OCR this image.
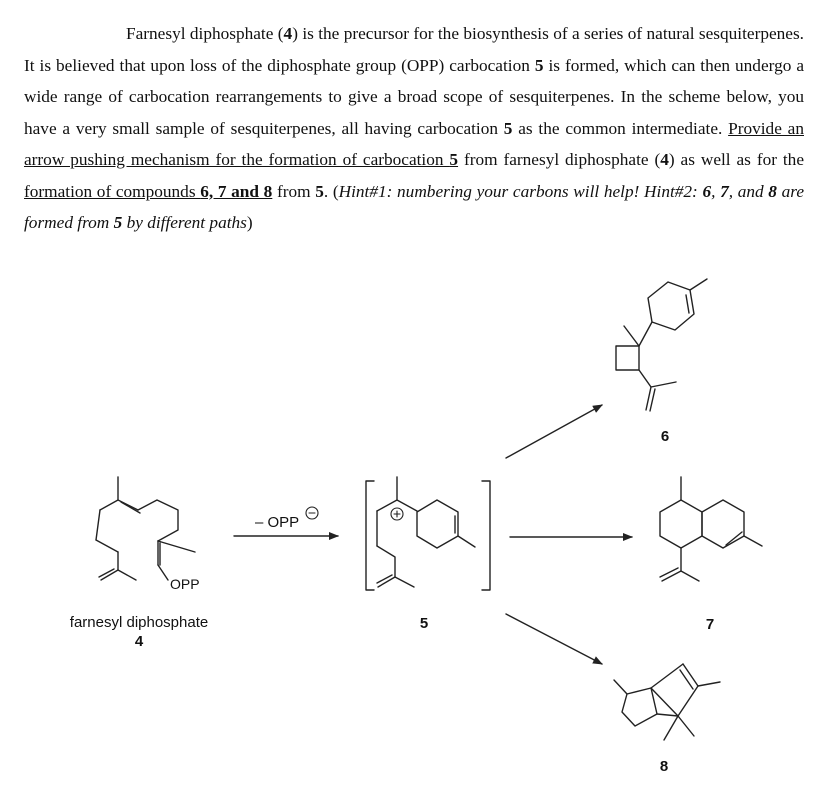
Farnesyl diphosphate (4) is the precursor for the biosynthesis of a series of natural sesquiterpenes. It is believed that upon loss of the diphosphate group (OPP) carbocation 5 is formed, which can then undergo a wide range of carbocation rearrangements to give a broad scope of sesquiterpenes. In the scheme below, you have a very small sample of sesquiterpenes, all having carbocation 5 as the common intermediate. Provide an arrow pushing mechanism for the formation of carbocation 5 from farnesyl diphosphate (4) as well as for the formation of compounds 6, 7 and 8 from 5. (Hint#1: numbering your carbons will help! Hint#2: 6, 7, and 8 are formed from 5 by different paths)
OPP
farnesyl diphosphate
4
– OPP
5
6
7
8
